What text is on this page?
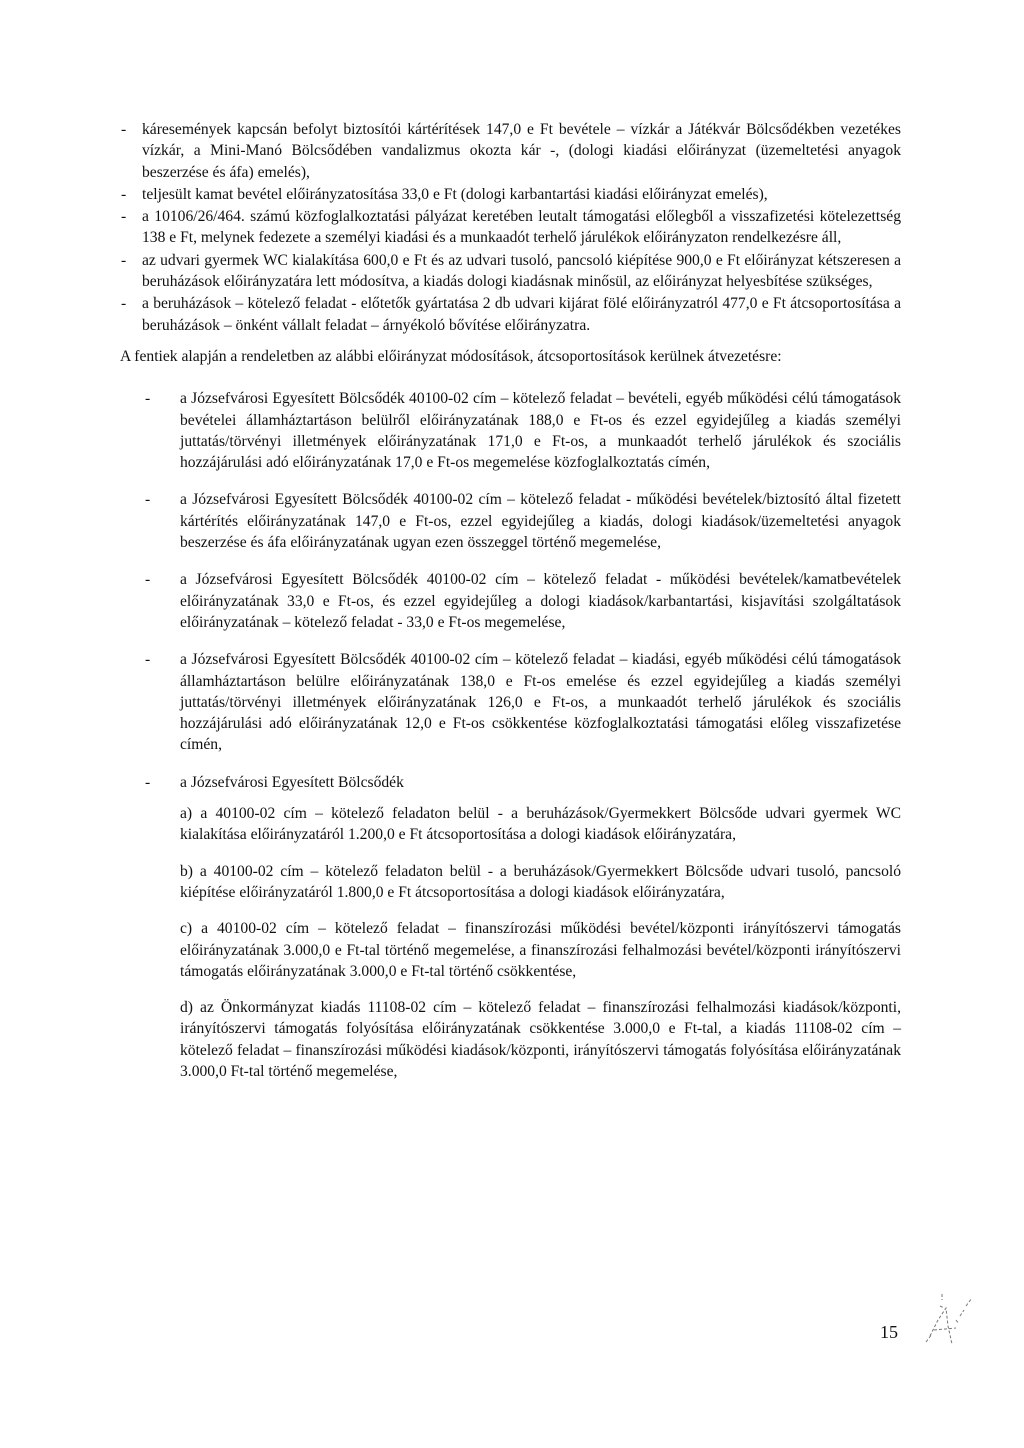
- káresemények kapcsán befolyt biztosítói kártérítések 147,0 e Ft bevétele – vízkár a Játékvár Bölcsődékben vezetékes vízkár, a Mini-Manó Bölcsődében vandalizmus okozta kár -, (dologi kiadási előirányzat (üzemeltetési anyagok beszerzése és áfa) emelés),
- teljesült kamat bevétel előirányzatosítása 33,0 e Ft (dologi karbantartási kiadási előirányzat emelés),
- a 10106/26/464. számú közfoglalkoztatási pályázat keretében leutalt támogatási előlegből a visszafizetési kötelezettség 138 e Ft, melynek fedezete a személyi kiadási és a munkaadót terhelő járulékok előirányzaton rendelkezésre áll,
- az udvari gyermek WC kialakítása 600,0 e Ft és az udvari tusoló, pancsoló kiépítése 900,0 e Ft előirányzat kétszeresen a beruházások előirányzatára lett módosítva, a kiadás dologi kiadásnak minősül, az előirányzat helyesbítése szükséges,
- a beruházások – kötelező feladat - előtetők gyártatása 2 db udvari kijárat fölé előirányzatról 477,0 e Ft átcsoportosítása a beruházások – önként vállalt feladat – árnyékoló bővítése előirányzatra.

A fentiek alapján a rendeletben az alábbi előirányzat módosítások, átcsoportosítások kerülnek átvezetésre:

- a Józsefvárosi Egyesített Bölcsődék 40100-02 cím – kötelező feladat – bevételi, egyéb működési célú támogatások bevételei államháztartáson belülről előirányzatának 188,0 e Ft-os és ezzel egyidejűleg a kiadás személyi juttatás/törvényi illetmények előirányzatának 171,0 e Ft-os, a munkaadót terhelő járulékok és szociális hozzájárulási adó előirányzatának 17,0 e Ft-os megemelése közfoglalkoztatás címén,
- a Józsefvárosi Egyesített Bölcsődék 40100-02 cím – kötelező feladat - működési bevételek/biztosító által fizetett kártérítés előirányzatának 147,0 e Ft-os, ezzel egyidejűleg a kiadás, dologi kiadások/üzemeltetési anyagok beszerzése és áfa előirányzatának ugyan ezen összeggel történő megemelése,
- a Józsefvárosi Egyesített Bölcsődék 40100-02 cím – kötelező feladat - működési bevételek/kamatbevételek előirányzatának 33,0 e Ft-os, és ezzel egyidejűleg a dologi kiadások/karbantartási, kisjavítási szolgáltatások előirányzatának – kötelező feladat - 33,0 e Ft-os megemelése,
- a Józsefvárosi Egyesített Bölcsődék 40100-02 cím – kötelező feladat – kiadási, egyéb működési célú támogatások államháztartáson belülre előirányzatának 138,0 e Ft-os emelése és ezzel egyidejűleg a kiadás személyi juttatás/törvényi illetmények előirányzatának 126,0 e Ft-os, a munkaadót terhelő járulékok és szociális hozzájárulási adó előirányzatának 12,0 e Ft-os csökkentése közfoglalkoztatási támogatási előleg visszafizetése címén,
- a Józsefvárosi Egyesített Bölcsődék

a) a 40100-02 cím – kötelező feladaton belül - a beruházások/Gyermekkert Bölcsőde udvari gyermek WC kialakítása előirányzatáról 1.200,0 e Ft átcsoportosítása a dologi kiadások előirányzatára,

b) a 40100-02 cím – kötelező feladaton belül - a beruházások/Gyermekkert Bölcsőde udvari tusoló, pancsoló kiépítése előirányzatáról 1.800,0 e Ft átcsoportosítása a dologi kiadások előirányzatára,

c) a 40100-02 cím – kötelező feladat – finanszírozási működési bevétel/központi irányítószervi támogatás előirányzatának 3.000,0 e Ft-tal történő megemelése, a finanszírozási felhalmozási bevétel/központi irányítószervi támogatás előirányzatának 3.000,0 e Ft-tal történő csökkentése,

d) az Önkormányzat kiadás 11108-02 cím – kötelező feladat – finanszírozási felhalmozási kiadások/központi, irányítószervi támogatás folyósítása előirányzatának csökkentése 3.000,0 e Ft-tal, a kiadás 11108-02 cím – kötelező feladat – finanszírozási működési kiadások/központi, irányítószervi támogatás folyósítása előirányzatának 3.000,0 Ft-tal történő megemelése,

15
